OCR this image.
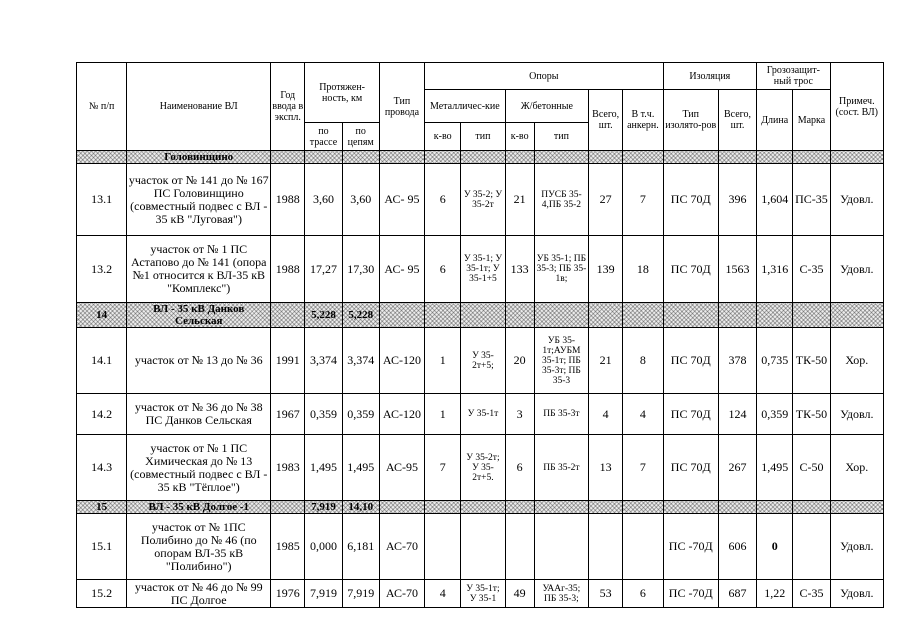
№ п/п	Наименование ВЛ	Год ввода в экспл.	Протяжен-ность, км		Тип провода	Опоры						Изоляция		Грозозащит-ный трос		Примеч. (сост. ВЛ)
						Металличес-кие		Ж/бетонные		Всего, шт.	В т.ч. анкерн.	Тип изолято-ров	Всего, шт.	Длина	Марка	
			по трассе	по цепям		к-во	тип	к-во	тип							
	Головинщино															
13.1	участок от № 141 до № 167 ПС Головинщино (совместный подвес с ВЛ - 35 кВ "Луговая")	1988	3,60	3,60	АС- 95	6	У 35-2; У 35-2т	21	ПУСБ 35-4,ПБ 35-2	27	7	ПС 70Д	396	1,604	ПС-35	Удовл.
13.2	участок от № 1 ПС Астапово до № 141 (опора №1 относится к ВЛ-35 кВ "Комплекс")	1988	17,27	17,30	АС- 95	6	У 35-1; У 35-1т; У 35-1+5	133	УБ 35-1; ПБ 35-3; ПБ 35-1в;	139	18	ПС 70Д	1563	1,316	С-35	Удовл.
14	ВЛ - 35 кВ Данков Сельская		5,228	5,228												
14.1	участок от № 13 до № 36	1991	3,374	3,374	АС-120	1	У 35-2т+5;	20	УБ 35-1т;АУБМ 35-1т; ПБ 35-3т; ПБ 35-3	21	8	ПС 70Д	378	0,735	ТК-50	Хор.
14.2	участок от № 36 до № 38 ПС Данков Сельская	1967	0,359	0,359	АС-120	1	У 35-1т	3	ПБ 35-3т	4	4	ПС 70Д	124	0,359	ТК-50	Удовл.
14.3	участок от № 1 ПС Химическая до № 13 (совместный подвес с ВЛ - 35 кВ "Тёплое")	1983	1,495	1,495	АС-95	7	У 35-2т; У 35-2т+5.	6	ПБ 35-2т	13	7	ПС 70Д	267	1,495	С-50	Хор.
15	ВЛ - 35 кВ Долгое -1		7,919	14,10												
15.1	участок от № 1ПС Полибино до № 46 (по опорам ВЛ-35 кВ "Полибино")	1985	0,000	6,181	АС-70							ПС -70Д	606	0		Удовл.
15.2	участок от № 46 до № 99 ПС Долгое	1976	7,919	7,919	АС-70	4	У 35-1т; У 35-1	49	УААг-35; ПБ 35-3;	53	6	ПС -70Д	687	1,22	С-35	Удовл.
